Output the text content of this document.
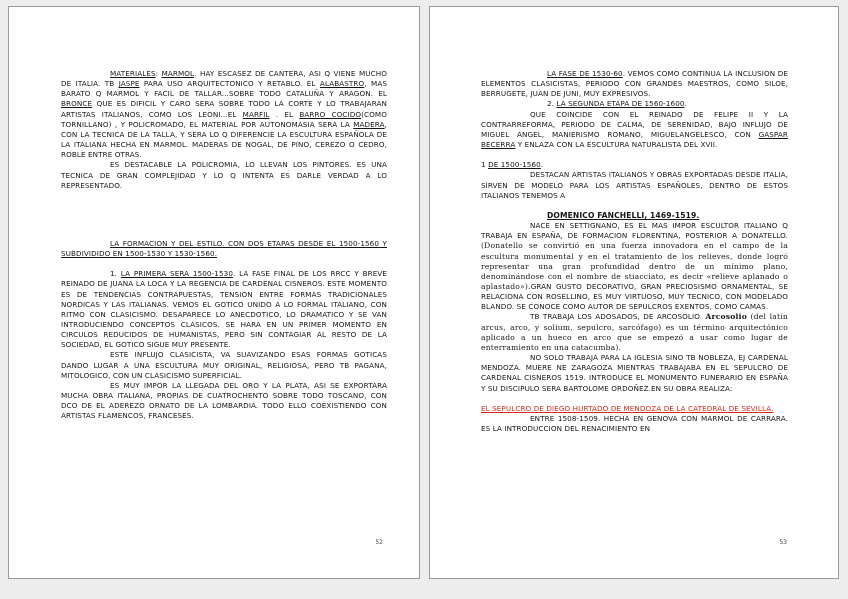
MATERIALES: MARMOL. HAY ESCASEZ DE CANTERA, ASI Q VIENE MUCHO DE ITALIA. TB JASPE PARA USO ARQUITECTONICO Y RETABLO. EL ALABASTRO, MAS BARATO Q MARMOL Y FACIL DE TALLAR...SOBRE TODO CATALUÑA Y ARAGON. EL BRONCE QUE ES DIFICIL Y CARO SERA SOBRE TODO LA CORTE Y LO TRABAJARAN ARTISTAS ITALIANOS, COMO LOS LEONI...EL MARFIL . EL BARRO COCIDO(COMO TORNILLANO) , Y POLICROMADO, EL MATERIAL POR AUTONOMASIA SERA LA MADERA, CON LA TECNICA DE LA TALLA, Y SERA LO Q DIFERENCIE LA ESCULTURA ESPAÑOLA DE LA ITALIANA HECHA EN MARMOL. MADERAS DE NOGAL, DE PINO, CEREZO O CEDRO, ROBLE ENTRE OTRAS.

ES DESTACABLE LA POLICROMIA, LO LLEVAN LOS PINTORES. ES UNA TECNICA DE GRAN COMPLEJIDAD Y LO Q INTENTA ES DARLE VERDAD A LO REPRESENTADO.

LA FORMACION Y DEL ESTILO. CON DOS ETAPAS DESDE EL 1500-1560 Y SUBDIVIDIDO EN 1500-1530 Y 1530-1560.

1. LA PRIMERA SERA 1500-1530. LA FASE FINAL DE LOS RRCC Y BREVE REINADO DE JUANA LA LOCA Y LA REGENCIA DE CARDENAL CISNEROS. ESTE MOMENTO ES DE TENDENCIAS CONTRAPUESTAS, TENSION ENTRE FORMAS TRADICIONALES NORDICAS Y LAS ITALIANAS. VEMOS EL GOTICO UNIDO A LO FORMAL ITALIANO, CON RITMO CON CLASICISMO. DESAPARECE LO ANECDOTICO, LO DRAMATICO Y SE VAN INTRODUCIENDO CONCEPTOS CLASICOS. SE HARA EN UN PRIMER MOMENTO EN CIRCULOS REDUCIDOS DE HUMANISTAS, PERO SIN CONTAGIAR AL RESTO DE LA SOCIEDAD, EL GOTICO SIGUE MUY PRESENTE.

ESTE INFLUJO CLASICISTA, VA SUAVIZANDO ESAS FORMAS GOTICAS DANDO LUGAR A UNA ESCULTURA MUY ORIGINAL, RELIGIOSA, PERO TB PAGANA, MITOLOGICO, CON UN CLASICISMO SUPERFICIAL.

ES MUY IMPOR LA LLEGADA DEL ORO Y LA PLATA, ASI SE EXPORTARA MUCHA OBRA ITALIANA, PROPIAS DE CUATROCHENTO SOBRE TODO TOSCANO, CON DCO DE EL ADEREZO ORNATO DE LA LOMBARDIA. TODO ELLO COEXISTIENDO CON ARTISTAS FLAMENCOS, FRANCESES.

52

LA FASE DE 1530-60. VEMOS COMO CONTINUA LA INCLUSION DE ELEMENTOS CLASICISTAS, PERIODO CON GRANDES MAESTROS, COMO SILOE, BERRUGETE, JUAN DE JUNI, MUY EXPRESIVOS.

2. LA SEGUNDA ETAPA DE 1560-1600.

QUE COINCIDE CON EL REINADO DE FELIPE II Y LA CONTRARREFORMA, PERIODO DE CALMA, DE SERENIDAD, BAJO INFLUJO DE MIGUEL ANGEL, MANIERISMO ROMANO, MIGUELANGELESCO, CON GASPAR BECERRA Y ENLAZA CON LA ESCULTURA NATURALISTA DEL XVII.

1 DE 1500-1560.

DESTACAN ARTISTAS ITALIANOS Y OBRAS EXPORTADAS DESDE ITALIA, SIRVEN DE MODELO PARA LOS ARTISTAS ESPAÑOLES, DENTRO DE ESTOS ITALIANOS TENEMOS A

DOMENICO FANCHELLI, 1469-1519.

NACE EN SETTIGNANO, ES EL MAS IMPOR ESCULTOR ITALIANO Q TRABAJA EN ESPAÑA, DE FORMACION FLORENTINA, POSTERIOR A DONATELLO. (Donatello se convirtió en una fuerza innovadora en el campo de la escultura monumental y en el tratamiento de los relieves, donde logró representar una gran profundidad dentro de un mínimo plano, denominándose con el nombre de stiacciato, es decir «relieve aplanado o aplastado»).GRAN GUSTO DECORATIVO, GRAN PRECIOSISMO ORNAMENTAL, SE RELACIONA CON ROSELLINO, ES MUY VIRTUOSO, MUY TECNICO, CON MODELADO BLANDO. SE CONOCE COMO AUTOR DE SEPULCROS EXENTOS, COMO CAMAS.

TB TRABAJA LOS ADOSADOS, DE ARCOSOLIO. Arcosolio (del latín arcus, arco, y solium, sepulcro, sarcófago) es un término arquitectónico aplicado a un hueco en arco que se empezó a usar como lugar de enterramiento en una catacumba).

NO SOLO TRABAJA PARA LA IGLESIA SINO TB NOBLEZA, EJ CARDENAL MENDOZA. MUERE NE ZARAGOZA MIENTRAS TRABAJABA EN EL SEPULCRO DE CARDENAL CISNEROS 1519. INTRODUCE EL MONUMENTO FUNERARIO EN ESPAÑA Y SU DISCIPULO SERA BARTOLOME ORDOÑEZ.EN SU OBRA REALIZA:

EL SEPULCRO DE DIEGO HURTADO DE MENDOZA DE LA CATEDRAL DE SEVILLA.

ENTRE 1508-1509. HECHA EN GENOVA CON MARMOL DE CARRARA. ES LA INTRODUCCION DEL RENACIMIENTO EN

53
